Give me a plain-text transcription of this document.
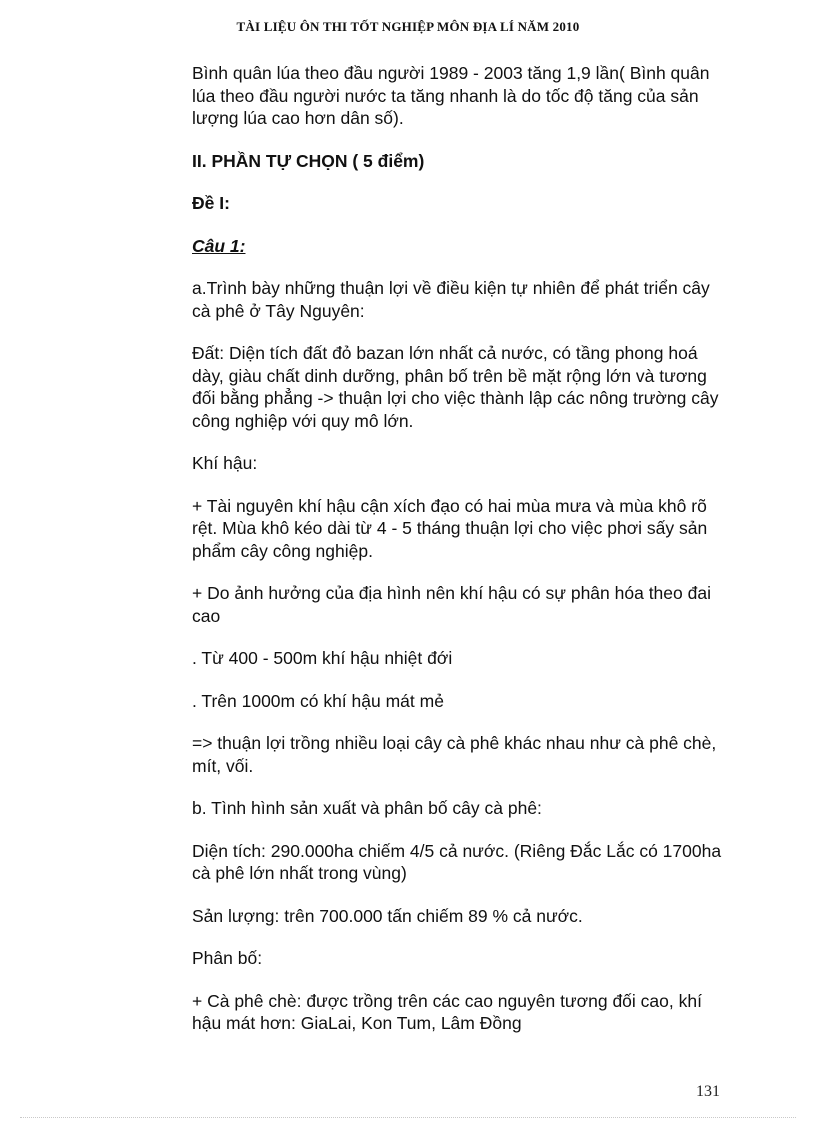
TÀI LIỆU ÔN THI TỐT NGHIỆP MÔN ĐỊA LÍ NĂM 2010

Bình quân lúa theo đầu người 1989 - 2003 tăng 1,9 lần( Bình quân lúa theo đầu người nước ta tăng nhanh là do tốc độ tăng của sản lượng lúa cao hơn dân số).

II. PHẦN TỰ CHỌN ( 5 điểm)

Đề I:

Câu 1:

a.Trình bày những thuận lợi về điều kiện tự nhiên để phát triển cây cà phê ở Tây Nguyên:

Đất: Diện tích đất đỏ bazan lớn nhất cả nước, có tầng phong hoá dày, giàu chất dinh dưỡng, phân bố trên bề mặt rộng lớn và tương đối bằng phẳng -> thuận lợi cho việc thành lập các nông trường cây công nghiệp với quy mô lớn.

Khí hậu:

+ Tài nguyên khí hậu cận xích đạo có hai mùa mưa và mùa khô rõ rệt. Mùa khô kéo dài từ 4 - 5 tháng thuận lợi cho việc phơi sấy sản phẩm cây công nghiệp.

+ Do ảnh hưởng của địa hình nên khí hậu có sự phân hóa theo đai cao

. Từ 400 - 500m khí hậu nhiệt đới

. Trên 1000m có khí hậu mát mẻ

=> thuận lợi trồng nhiều loại cây cà phê khác nhau như cà phê chè, mít, vối.

b. Tình hình sản xuất và phân bố cây cà phê:

Diện tích: 290.000ha chiếm 4/5 cả nước. (Riêng Đắc Lắc có 1700ha cà phê lớn nhất trong vùng)

Sản lượng: trên 700.000 tấn chiếm 89 % cả nước.

Phân bố:

+ Cà phê chè: được trồng trên các cao nguyên tương đối cao, khí hậu mát hơn: GiaLai, Kon Tum, Lâm Đồng

131
